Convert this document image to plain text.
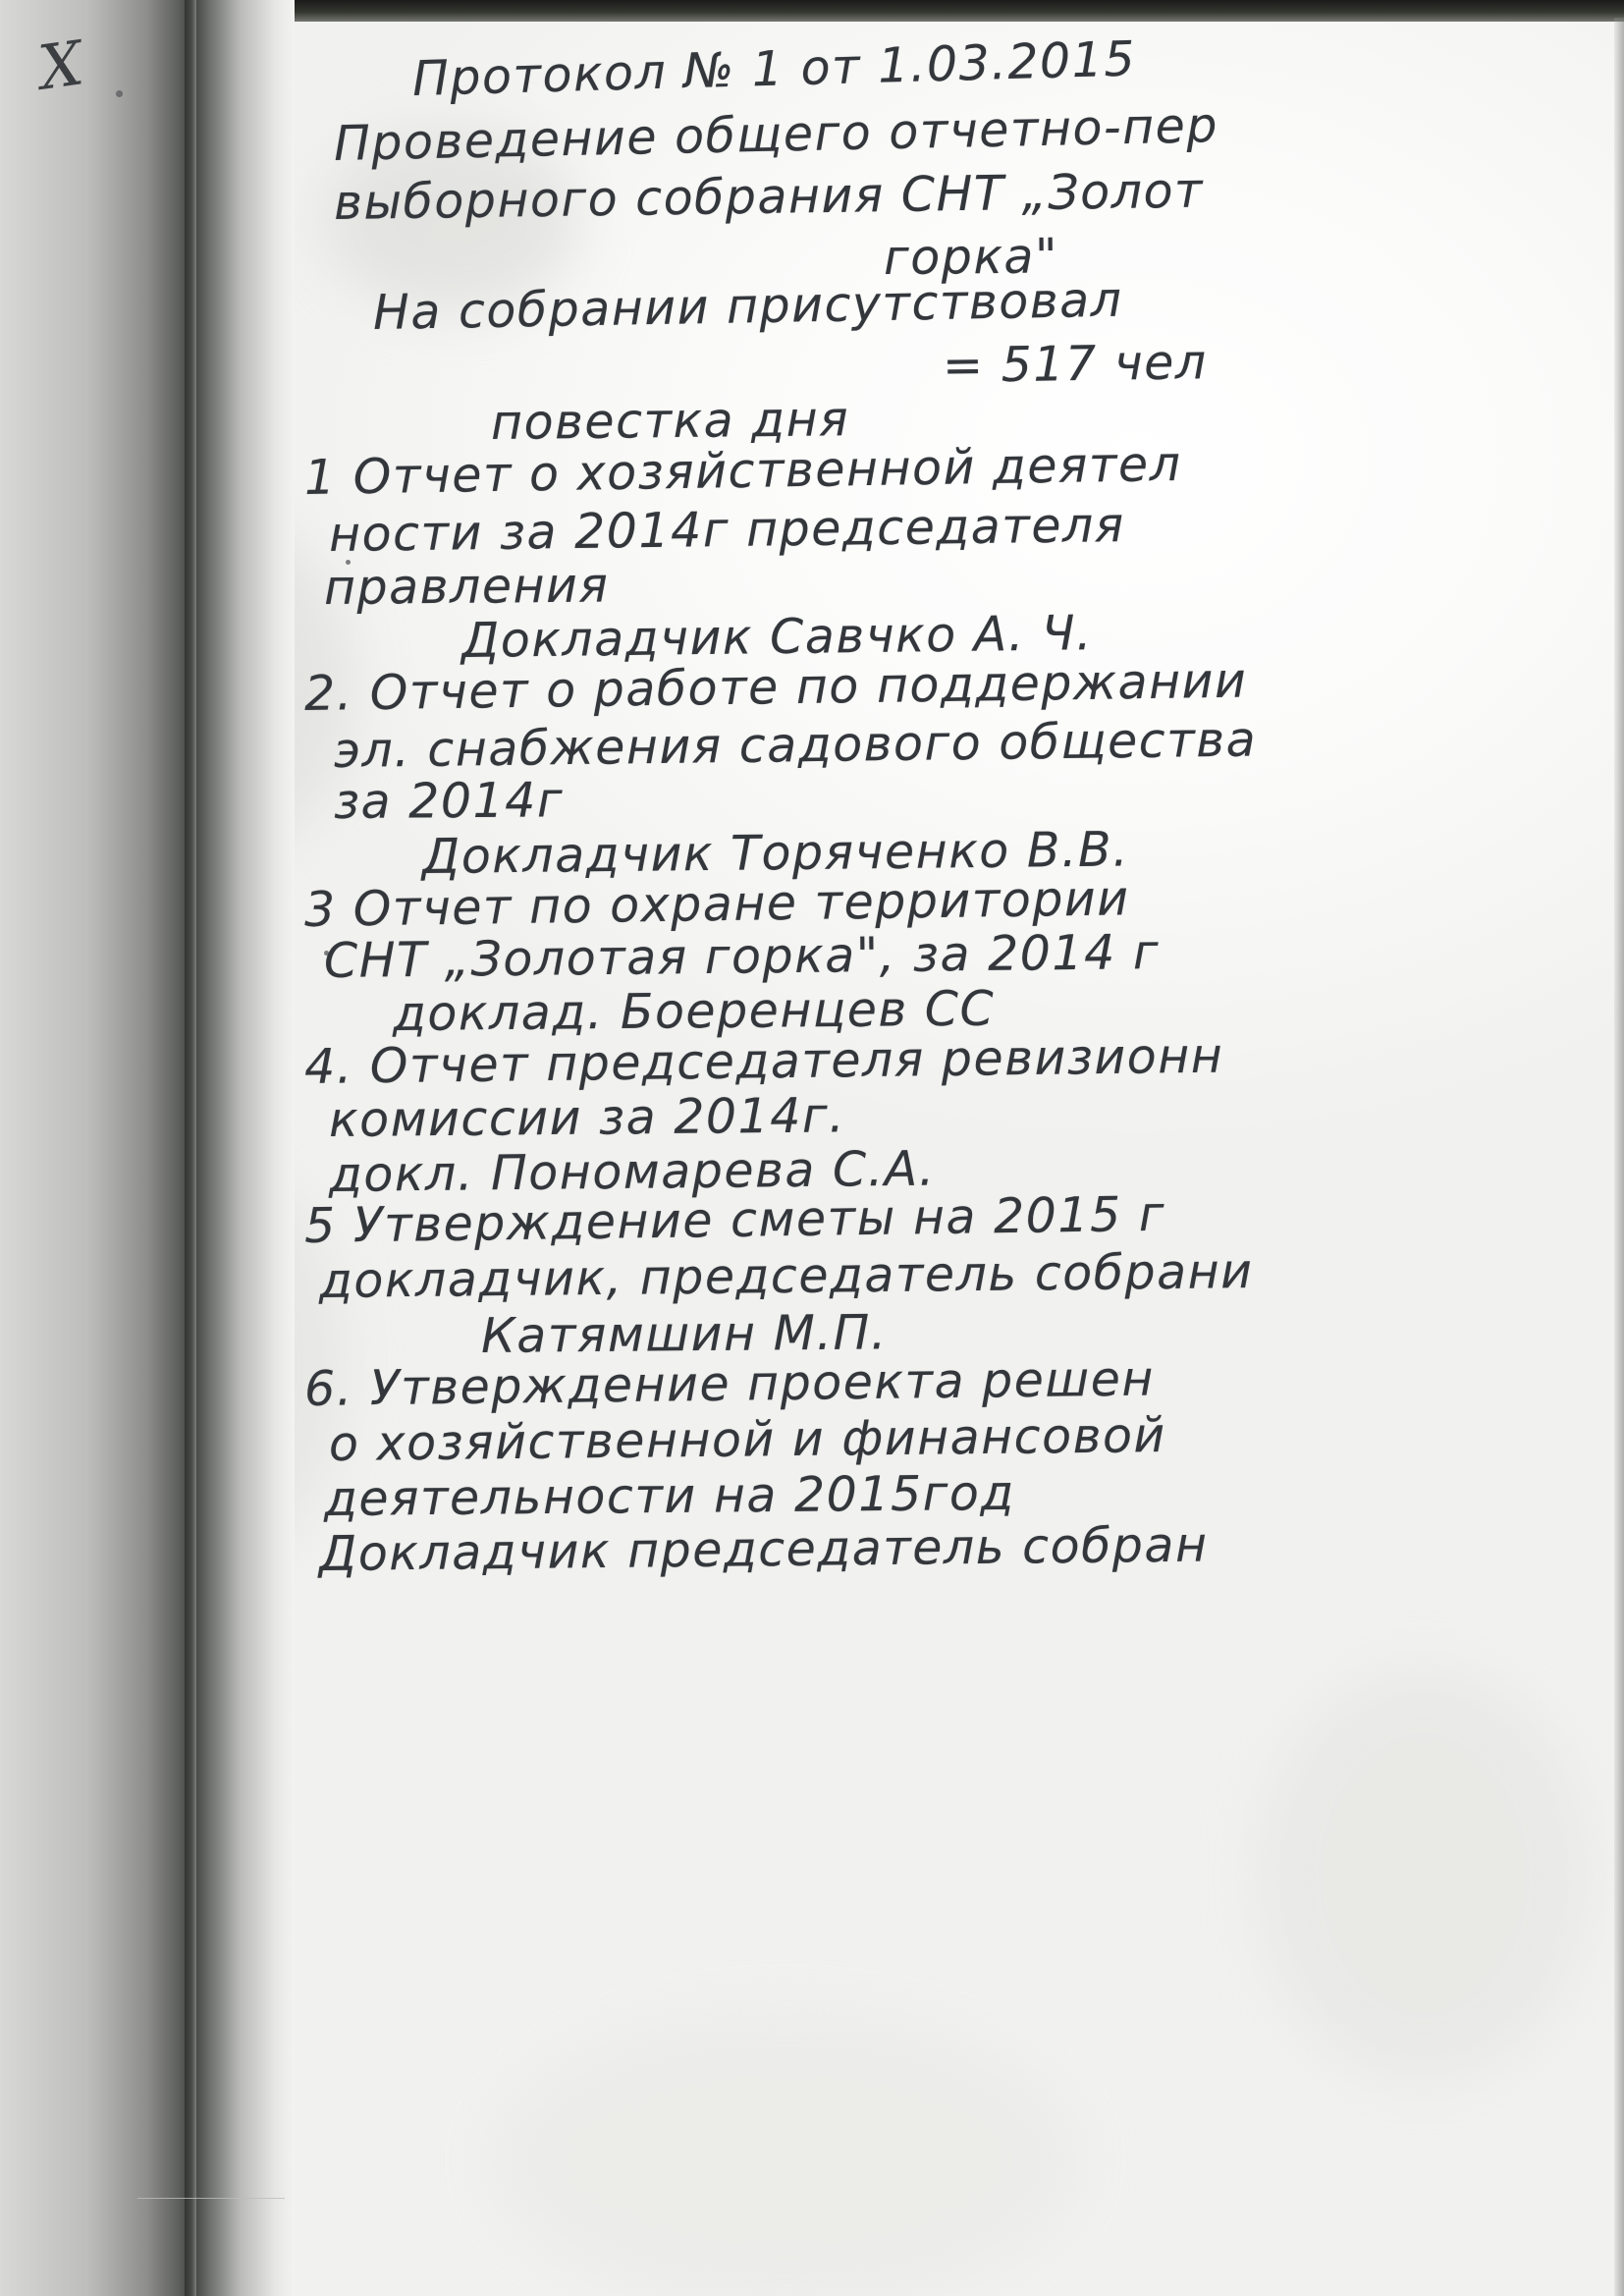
X	Протокол № 1 от 1.03.2015
Проведение общего отчетно-пер
выборного собрания СНТ „Золот
горка"
На собрании присутствовал
= 517 чел
повестка дня
1 Отчет о хозяйственной деятел
ности за 2014г председателя
правления
Докладчик Савчко А. Ч.
2. Отчет о работе по поддержании
эл. снабжения садового общества
за 2014г
Докладчик Торяченко В.В.
3 Отчет по охране территории
СНТ „Золотая горка", за 2014 г
доклад. Боеренцев СС
4. Отчет председателя ревизионн
комиссии за 2014г.
докл. Пономарева С.А.
5 Утверждение сметы на 2015 г
докладчик, председатель собрани
Катямшин М.П.
6. Утверждение проекта решен
о хозяйственной и финансовой
деятельности на 2015год
Докладчик председатель собран
